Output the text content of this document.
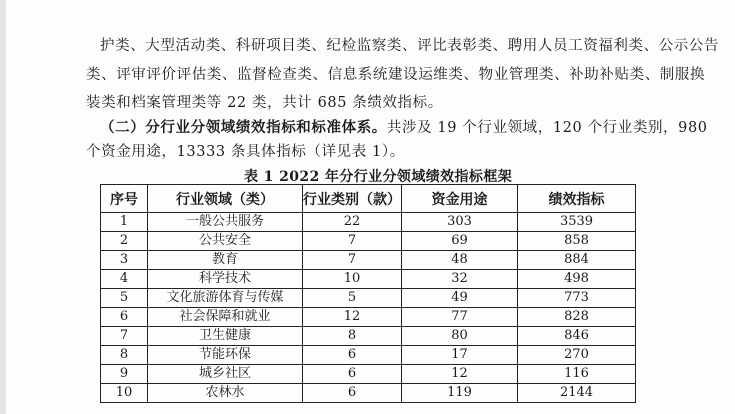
护类、大型活动类、科研项目类、纪检监察类、评比表彰类、聘用人员工资福利类、公示公告
类、评审评价评估类、监督检查类、信息系统建设运维类、物业管理类、补助补贴类、制服换
装类和档案管理类等 22 类，共计 685 条绩效指标。
（二）分行业分领域绩效指标和标准体系。共涉及 19 个行业领域，120 个行业类别，980
个资金用途，13333 条具体指标（详见表 1）。
表 1 2022 年分行业分领域绩效指标框架
序号	行业领域（类）	行业类别（款）	资金用途	绩效指标
1	一般公共服务	22	303	3539
2	公共安全	7	69	858
3	教育	7	48	884
4	科学技术	10	32	498
5	文化旅游体育与传媒	5	49	773
6	社会保障和就业	12	77	828
7	卫生健康	8	80	846
8	节能环保	6	17	270
9	城乡社区	6	12	116
10	农林水	6	119	2144
